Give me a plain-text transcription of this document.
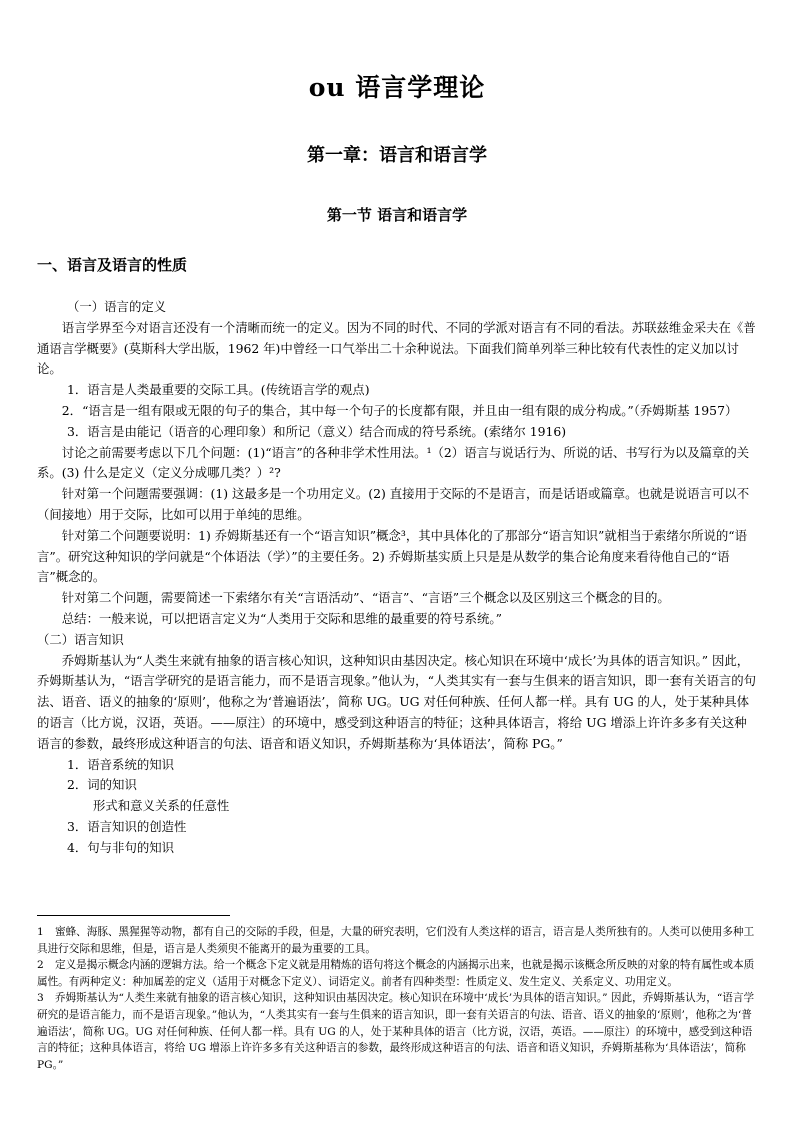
ou 语言学理论
第一章：语言和语言学
第一节 语言和语言学
一、语言及语言的性质

（一）语言的定义

语言学界至今对语言还没有一个清晰而统一的定义。因为不同的时代、不同的学派对语言有不同的看法。苏联兹维金采夫在《普通语言学概要》(莫斯科大学出版，1962 年)中曾经一口气举出二十余种说法。下面我们简单列举三种比较有代表性的定义加以讨论。

1．语言是人类最重要的交际工具。(传统语言学的观点)

2．“语言是一组有限或无限的句子的集合，其中每一个句子的长度都有限，并且由一组有限的成分构成。”（乔姆斯基 1957）

3．语言是由能记（语音的心理印象）和所记（意义）结合而成的符号系统。(索绪尔 1916)

讨论之前需要考虑以下几个问题：(1)“语言”的各种非学术性用法。¹（2）语言与说话行为、所说的话、书写行为以及篇章的关系。(3) 什么是定义（定义分成哪几类？）²?

针对第一个问题需要强调：(1) 这最多是一个功用定义。(2) 直接用于交际的不是语言，而是话语或篇章。也就是说语言可以不（间接地）用于交际，比如可以用于单纯的思维。

针对第二个问题要说明：1) 乔姆斯基还有一个“语言知识”概念³，其中具体化的了那部分“语言知识”就相当于索绪尔所说的“语言”。研究这种知识的学问就是“个体语法（学）”的主要任务。2) 乔姆斯基实质上只是是从数学的集合论角度来看待他自己的“语言”概念的。

针对第二个问题，需要简述一下索绪尔有关“言语活动”、“语言”、“言语”三个概念以及区别这三个概念的目的。

总结：一般来说，可以把语言定义为“人类用于交际和思维的最重要的符号系统。”

（二）语言知识

乔姆斯基认为“人类生来就有抽象的语言核心知识，这种知识由基因决定。核心知识在环境中‘成长’为具体的语言知识。” 因此，乔姆斯基认为，“语言学研究的是语言能力，而不是语言现象。”他认为，“人类其实有一套与生俱来的语言知识，即一套有关语言的句法、语音、语义的抽象的‘原则’，他称之为‘普遍语法’，简称 UG。UG 对任何种族、任何人都一样。具有 UG 的人，处于某种具体的语言（比方说，汉语，英语。——原注）的环境中，感受到这种语言的特征；这种具体语言，将给 UG 增添上许许多多有关这种语言的参数，最终形成这种语言的句法、语音和语义知识，乔姆斯基称为‘具体语法’，简称 PG。”

1．语音系统的知识

2．词的知识

形式和意义关系的任意性

3．语言知识的创造性

4．句与非句的知识

1 蜜蜂、海豚、黑猩猩等动物，都有自己的交际的手段，但是，大量的研究表明，它们没有人类这样的语言，语言是人类所独有的。人类可以使用多种工具进行交际和思维，但是，语言是人类须臾不能离开的最为重要的工具。

2 定义是揭示概念内涵的逻辑方法。给一个概念下定义就是用精炼的语句将这个概念的内涵揭示出来，也就是揭示该概念所反映的对象的特有属性或本质属性。有两种定义：种加属差的定义（适用于对概念下定义）、词语定义。前者有四种类型：性质定义、发生定义、关系定义、功用定义。

3 乔姆斯基认为“人类生来就有抽象的语言核心知识，这种知识由基因决定。核心知识在环境中‘成长’为具体的语言知识。” 因此，乔姆斯基认为，“语言学研究的是语言能力，而不是语言现象。”他认为，“人类其实有一套与生俱来的语言知识，即一套有关语言的句法、语音、语义的抽象的‘原则’，他称之为‘普遍语法’，简称 UG。UG 对任何种族、任何人都一样。具有 UG 的人，处于某种具体的语言（比方说，汉语，英语。——原注）的环境中，感受到这种语言的特征；这种具体语言，将给 UG 增添上许许多多有关这种语言的参数，最终形成这种语言的句法、语音和语义知识，乔姆斯基称为‘具体语法’，简称 PG。”
